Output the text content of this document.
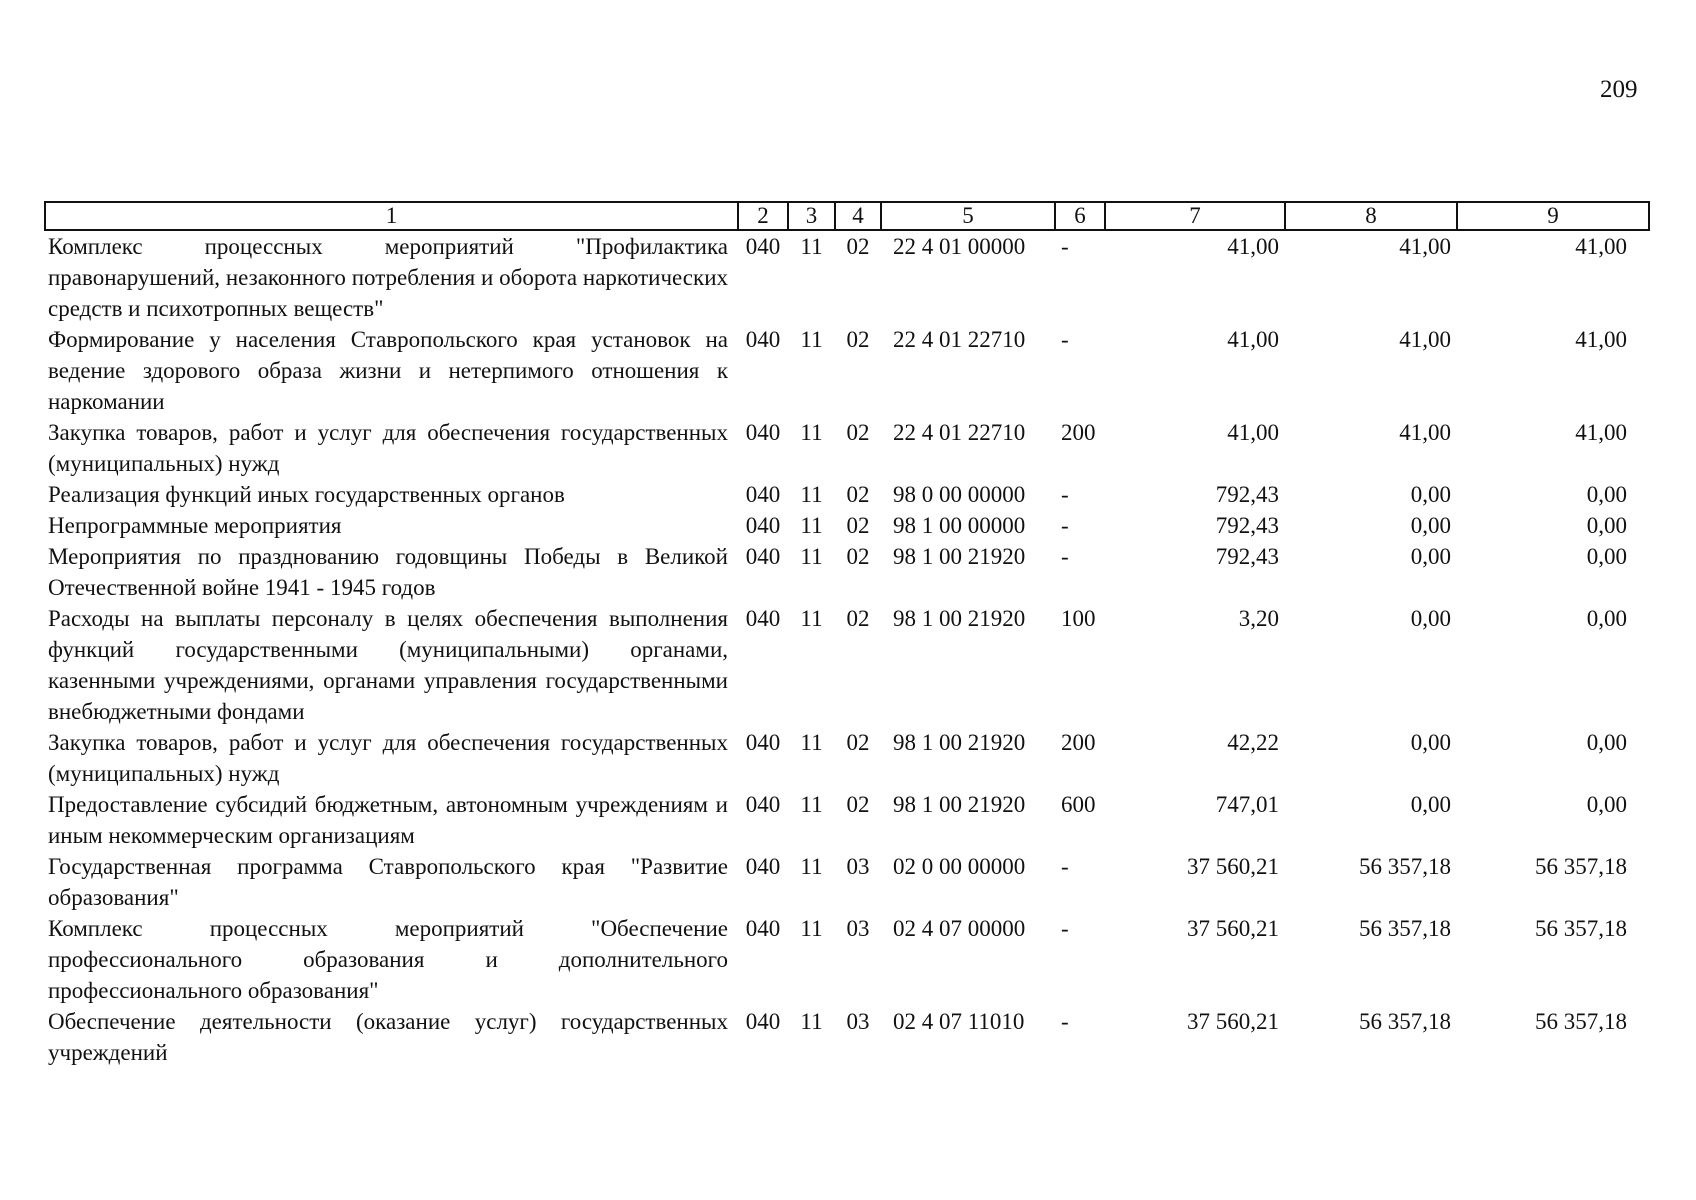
209
1	2	3	4	5	6	7	8	9
Комплекс процессных мероприятий "Профилактика правонарушений, незаконного потребления и оборота наркотических средств и психотропных веществ"	040	11	02	22 4 01 00000	-	41,00	41,00	41,00
Формирование у населения Ставропольского края установок на ведение здорового образа жизни и нетерпимого отношения к наркомании	040	11	02	22 4 01 22710	-	41,00	41,00	41,00
Закупка товаров, работ и услуг для обеспечения государственных (муниципальных) нужд	040	11	02	22 4 01 22710	200	41,00	41,00	41,00
Реализация функций иных государственных органов	040	11	02	98 0 00 00000	-	792,43	0,00	0,00
Непрограммные мероприятия	040	11	02	98 1 00 00000	-	792,43	0,00	0,00
Мероприятия по празднованию годовщины Победы в Великой Отечественной войне 1941 - 1945 годов	040	11	02	98 1 00 21920	-	792,43	0,00	0,00
Расходы на выплаты персоналу в целях обеспечения выполнения функций государственными (муниципальными) органами, казенными учреждениями, органами управления государственными внебюджетными фондами	040	11	02	98 1 00 21920	100	3,20	0,00	0,00
Закупка товаров, работ и услуг для обеспечения государственных (муниципальных) нужд	040	11	02	98 1 00 21920	200	42,22	0,00	0,00
Предоставление субсидий бюджетным, автономным учреждениям и иным некоммерческим организациям	040	11	02	98 1 00 21920	600	747,01	0,00	0,00
Государственная программа Ставропольского края "Развитие образования"	040	11	03	02 0 00 00000	-	37 560,21	56 357,18	56 357,18
Комплекс процессных мероприятий "Обеспечение профессионального образования и дополнительного профессионального образования"	040	11	03	02 4 07 00000	-	37 560,21	56 357,18	56 357,18
Обеспечение деятельности (оказание услуг) государственных учреждений	040	11	03	02 4 07 11010	-	37 560,21	56 357,18	56 357,18
